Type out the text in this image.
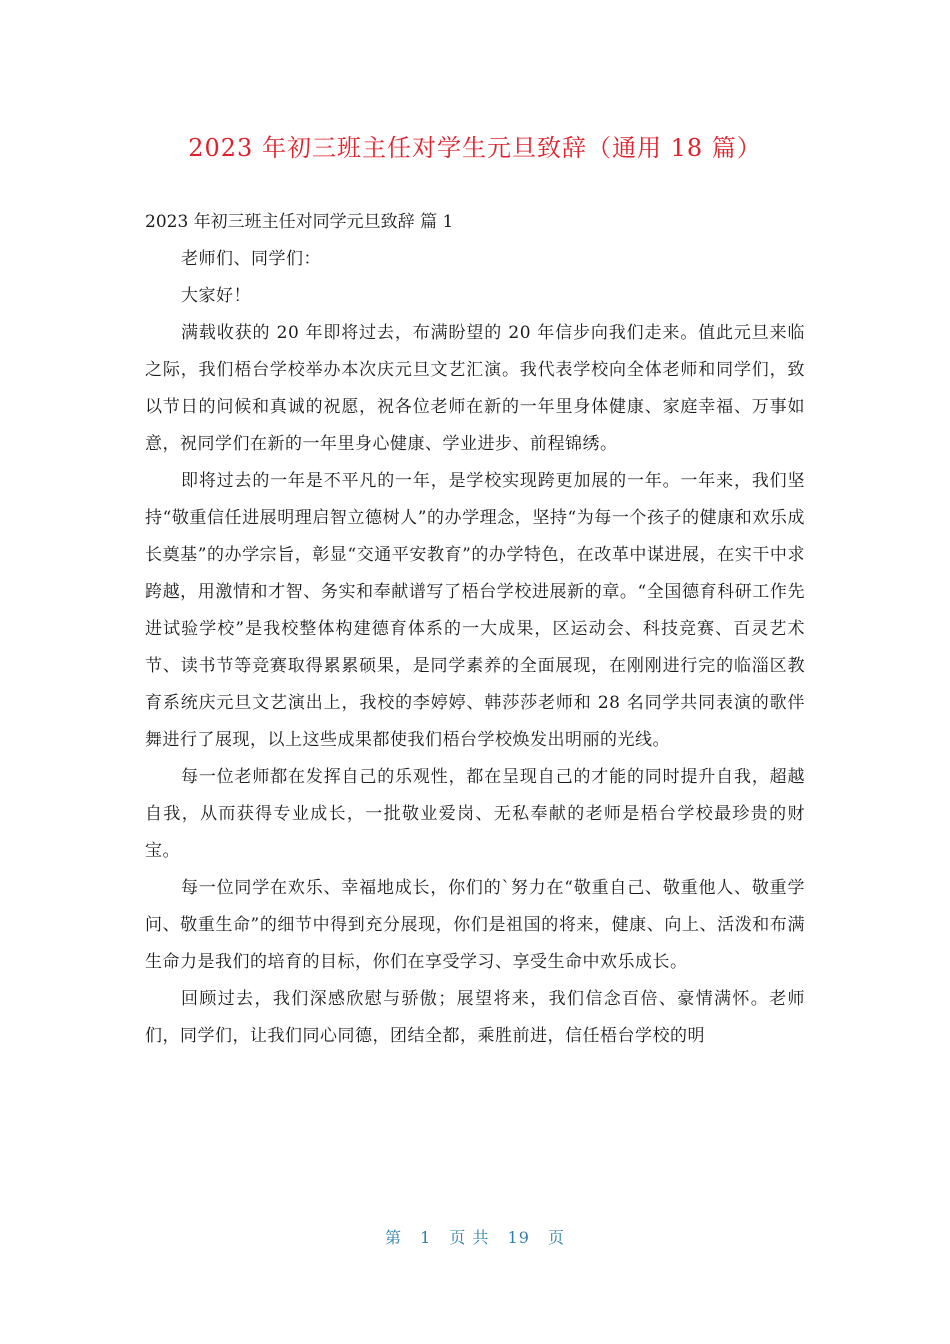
2023 年初三班主任对学生元旦致辞（通用 18 篇）
2023 年初三班主任对同学元旦致辞 篇 1

老师们、同学们：

大家好！

满载收获的 20 年即将过去，布满盼望的 20 年信步向我们走来。值此元旦来临之际，我们梧台学校举办本次庆元旦文艺汇演。我代表学校向全体老师和同学们，致以节日的问候和真诚的祝愿，祝各位老师在新的一年里身体健康、家庭幸福、万事如意，祝同学们在新的一年里身心健康、学业进步、前程锦绣。

即将过去的一年是不平凡的一年，是学校实现跨更加展的一年。一年来，我们坚持“敬重信任进展明理启智立德树人”的办学理念，坚持“为每一个孩子的健康和欢乐成长奠基”的办学宗旨，彰显“交通平安教育”的办学特色，在改革中谋进展，在实干中求跨越，用激情和才智、务实和奉献谱写了梧台学校进展新的章。“全国德育科研工作先进试验学校”是我校整体构建德育体系的一大成果，区运动会、科技竞赛、百灵艺术节、读书节等竞赛取得累累硕果，是同学素养的全面展现，在刚刚进行完的临淄区教育系统庆元旦文艺演出上，我校的李婷婷、韩莎莎老师和 28 名同学共同表演的歌伴舞进行了展现，以上这些成果都使我们梧台学校焕发出明丽的光线。

每一位老师都在发挥自己的乐观性，都在呈现自己的才能的同时提升自我，超越自我，从而获得专业成长，一批敬业爱岗、无私奉献的老师是梧台学校最珍贵的财宝。

每一位同学在欢乐、幸福地成长，你们的`努力在“敬重自己、敬重他人、敬重学问、敬重生命”的细节中得到充分展现，你们是祖国的将来，健康、向上、活泼和布满生命力是我们的培育的目标，你们在享受学习、享受生命中欢乐成长。

回顾过去，我们深感欣慰与骄傲；展望将来，我们信念百倍、豪情满怀。老师们，同学们，让我们同心同德，团结全都，乘胜前进，信任梧台学校的明

第 1 页 共 19 页
